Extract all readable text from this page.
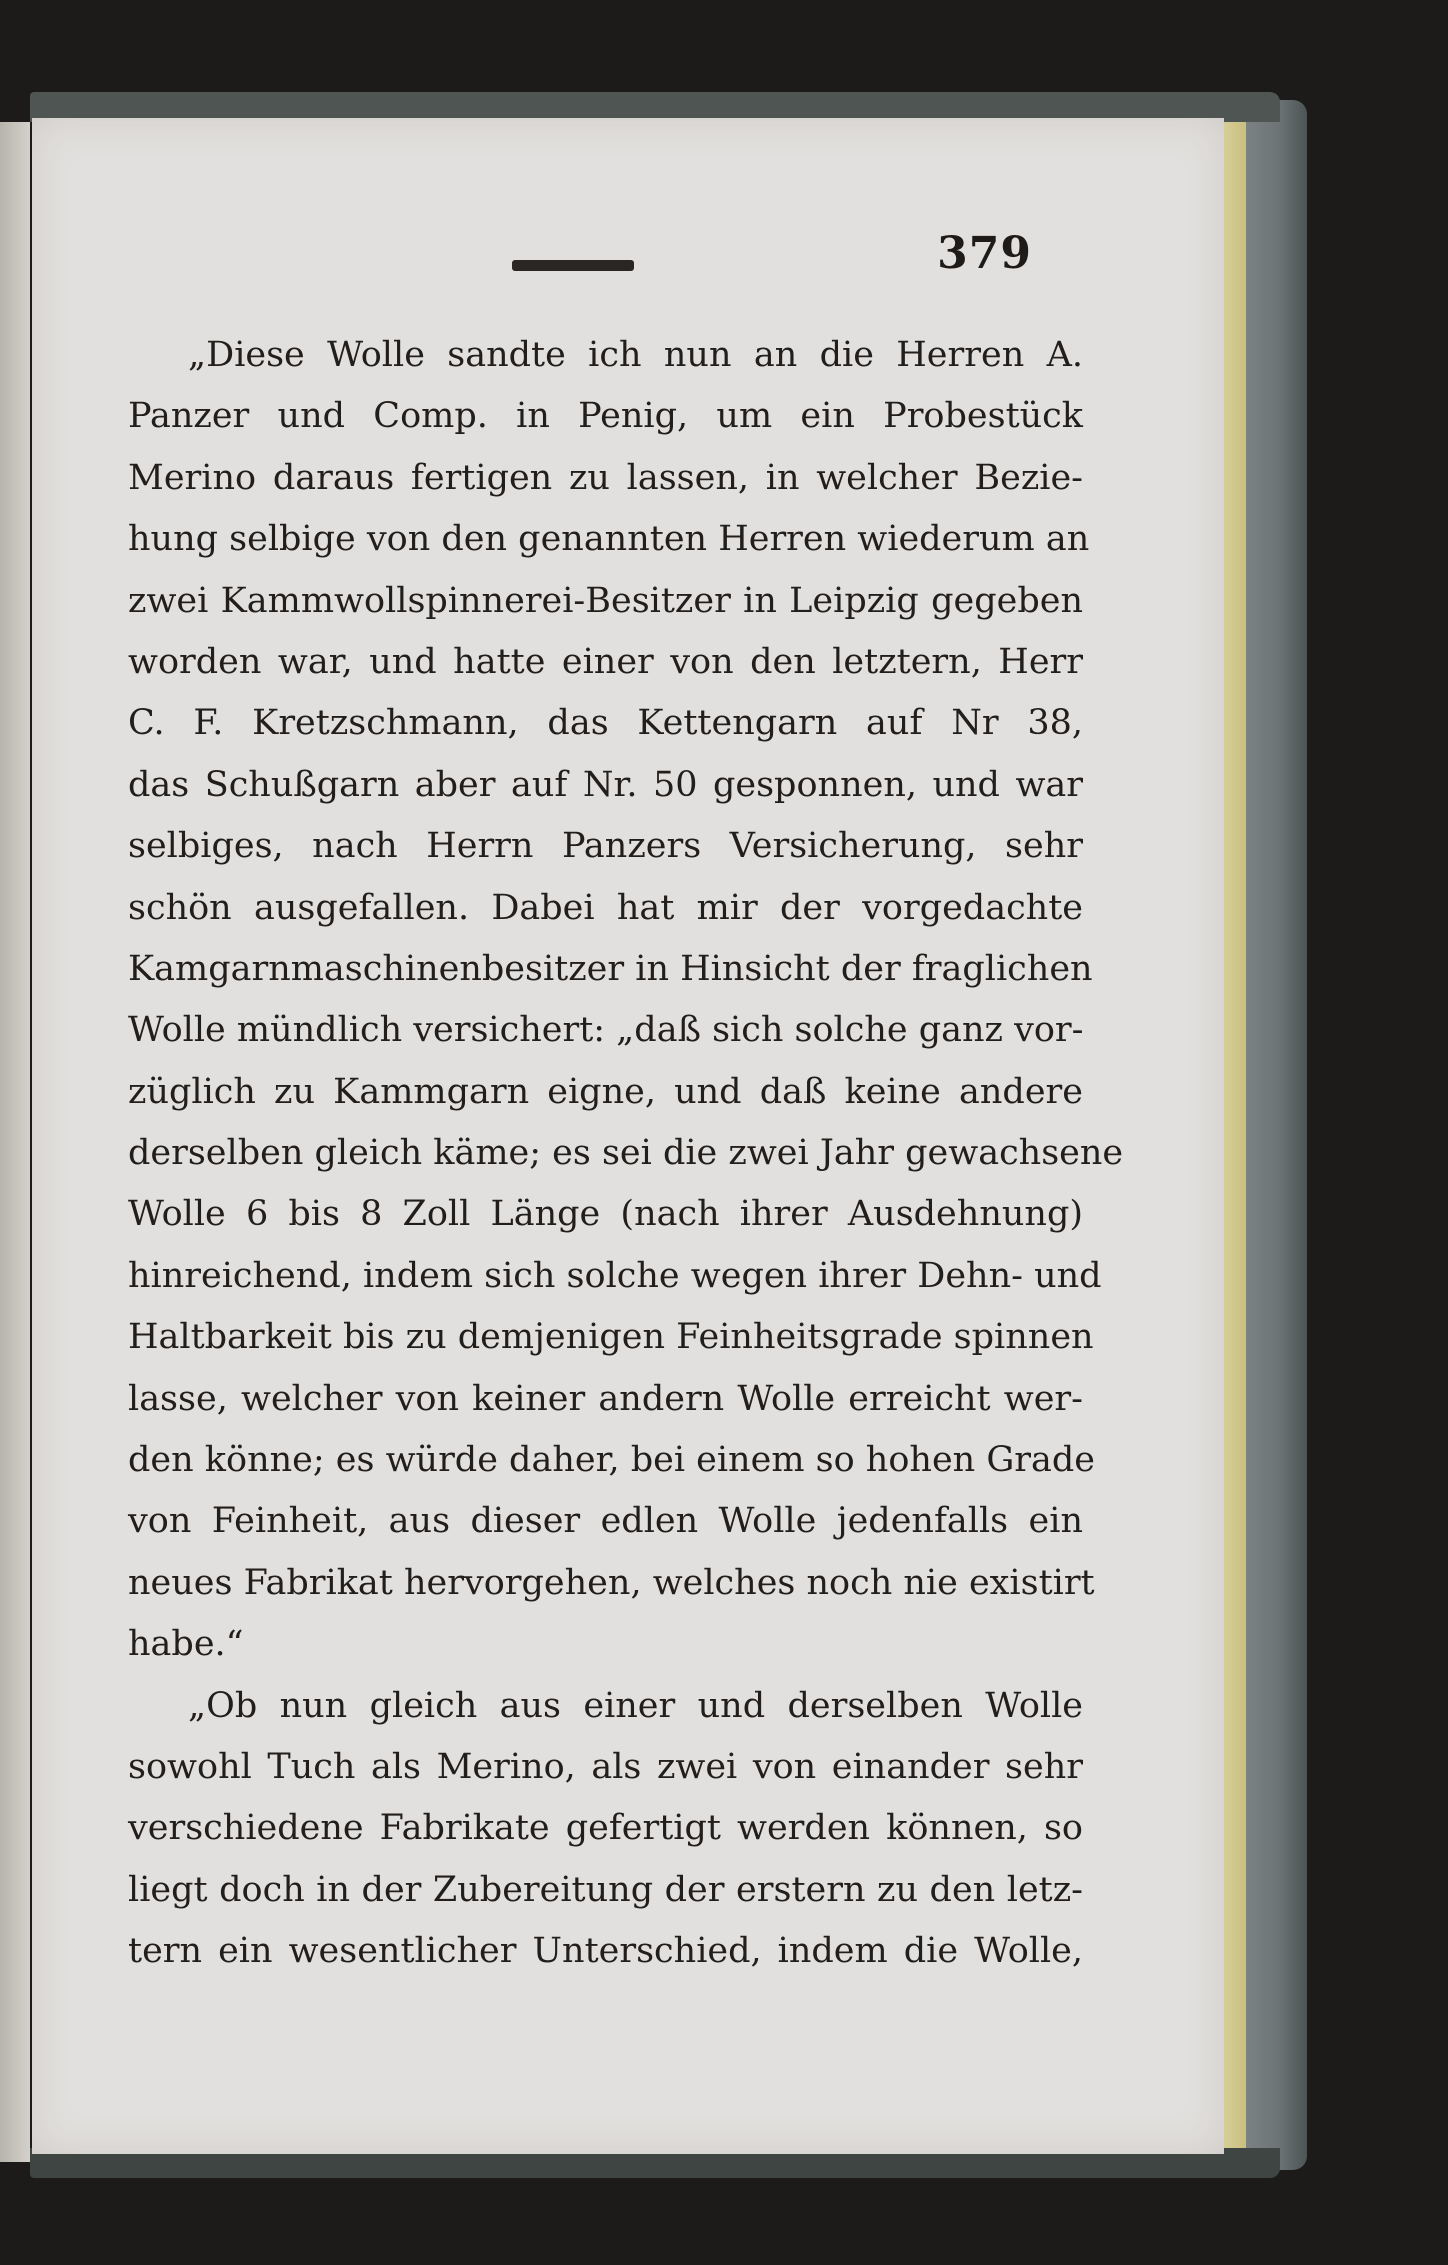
379
„Diese Wolle sandte ich nun an die Herren A.
Panzer und Comp. in Penig, um ein Probestück
Merino daraus fertigen zu lassen, in welcher Bezie-
hung selbige von den genannten Herren wiederum an
zwei Kammwollspinnerei-Besitzer in Leipzig gegeben
worden war, und hatte einer von den letztern, Herr
C. F. Kretzschmann, das Kettengarn auf Nr 38,
das Schußgarn aber auf Nr. 50 gesponnen, und war
selbiges, nach Herrn Panzers Versicherung, sehr
schön ausgefallen. Dabei hat mir der vorgedachte
Kamgarnmaschinenbesitzer in Hinsicht der fraglichen
Wolle mündlich versichert: „daß sich solche ganz vor-
züglich zu Kammgarn eigne, und daß keine andere
derselben gleich käme; es sei die zwei Jahr gewachsene
Wolle 6 bis 8 Zoll Länge (nach ihrer Ausdehnung)
hinreichend, indem sich solche wegen ihrer Dehn- und
Haltbarkeit bis zu demjenigen Feinheitsgrade spinnen
lasse, welcher von keiner andern Wolle erreicht wer-
den könne; es würde daher, bei einem so hohen Grade
von Feinheit, aus dieser edlen Wolle jedenfalls ein
neues Fabrikat hervorgehen, welches noch nie existirt
habe.“
„Ob nun gleich aus einer und derselben Wolle
sowohl Tuch als Merino, als zwei von einander sehr
verschiedene Fabrikate gefertigt werden können, so
liegt doch in der Zubereitung der erstern zu den letz-
tern ein wesentlicher Unterschied, indem die Wolle,
